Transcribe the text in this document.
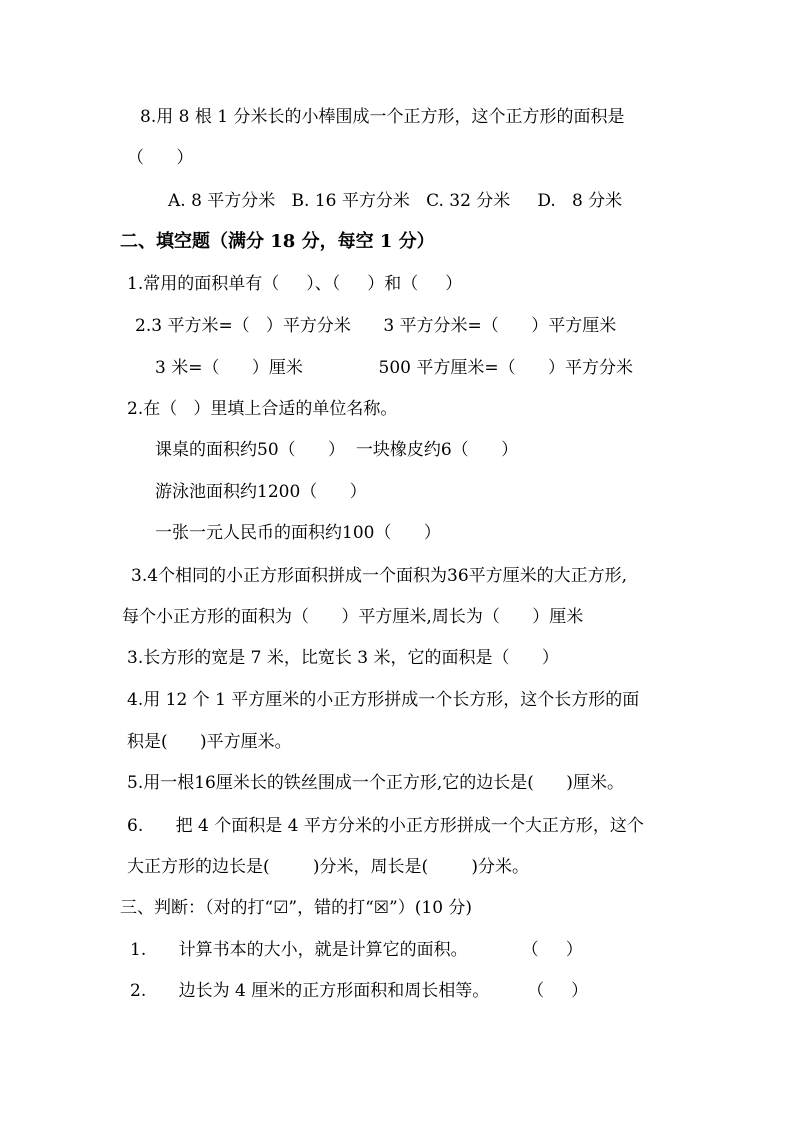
8.用 8 根 1 分米长的小棒围成一个正方形，这个正方形的面积是
（      ）
A. 8 平方分米   B. 16 平方分米   C. 32 分米     D.   8 分米
二、填空题（满分 18 分，每空 1 分）
1.常用的面积单有（     ）、（     ）和（     ）
2.3 平方米=（   ）平方分米      3 平方分米=（      ）平方厘米
3 米=（      ）厘米              500 平方厘米=（      ）平方分米
2.在（   ）里填上合适的单位名称。
课桌的面积约50（      ）  一块橡皮约6（      ）
游泳池面积约1200（      ）
一张一元人民币的面积约100（      ）
3.4个相同的小正方形面积拼成一个面积为36平方厘米的大正方形,
每个小正方形的面积为（      ）平方厘米,周长为（      ）厘米
3.长方形的宽是 7 米，比宽长 3 米，它的面积是（      ）
4.用 12 个 1 平方厘米的小正方形拼成一个长方形，这个长方形的面
积是(      )平方厘米。
5.用一根16厘米长的铁丝围成一个正方形,它的边长是(      )厘米。
6.      把 4 个面积是 4 平方分米的小正方形拼成一个大正方形，这个
大正方形的边长是(        )分米，周长是(        )分米。
三、判断：（对的打“☑”，错的打“☒”）(10 分)
1.      计算书本的大小，就是计算它的面积。          （     ）
2.      边长为 4 厘米的正方形面积和周长相等。       （     ）
